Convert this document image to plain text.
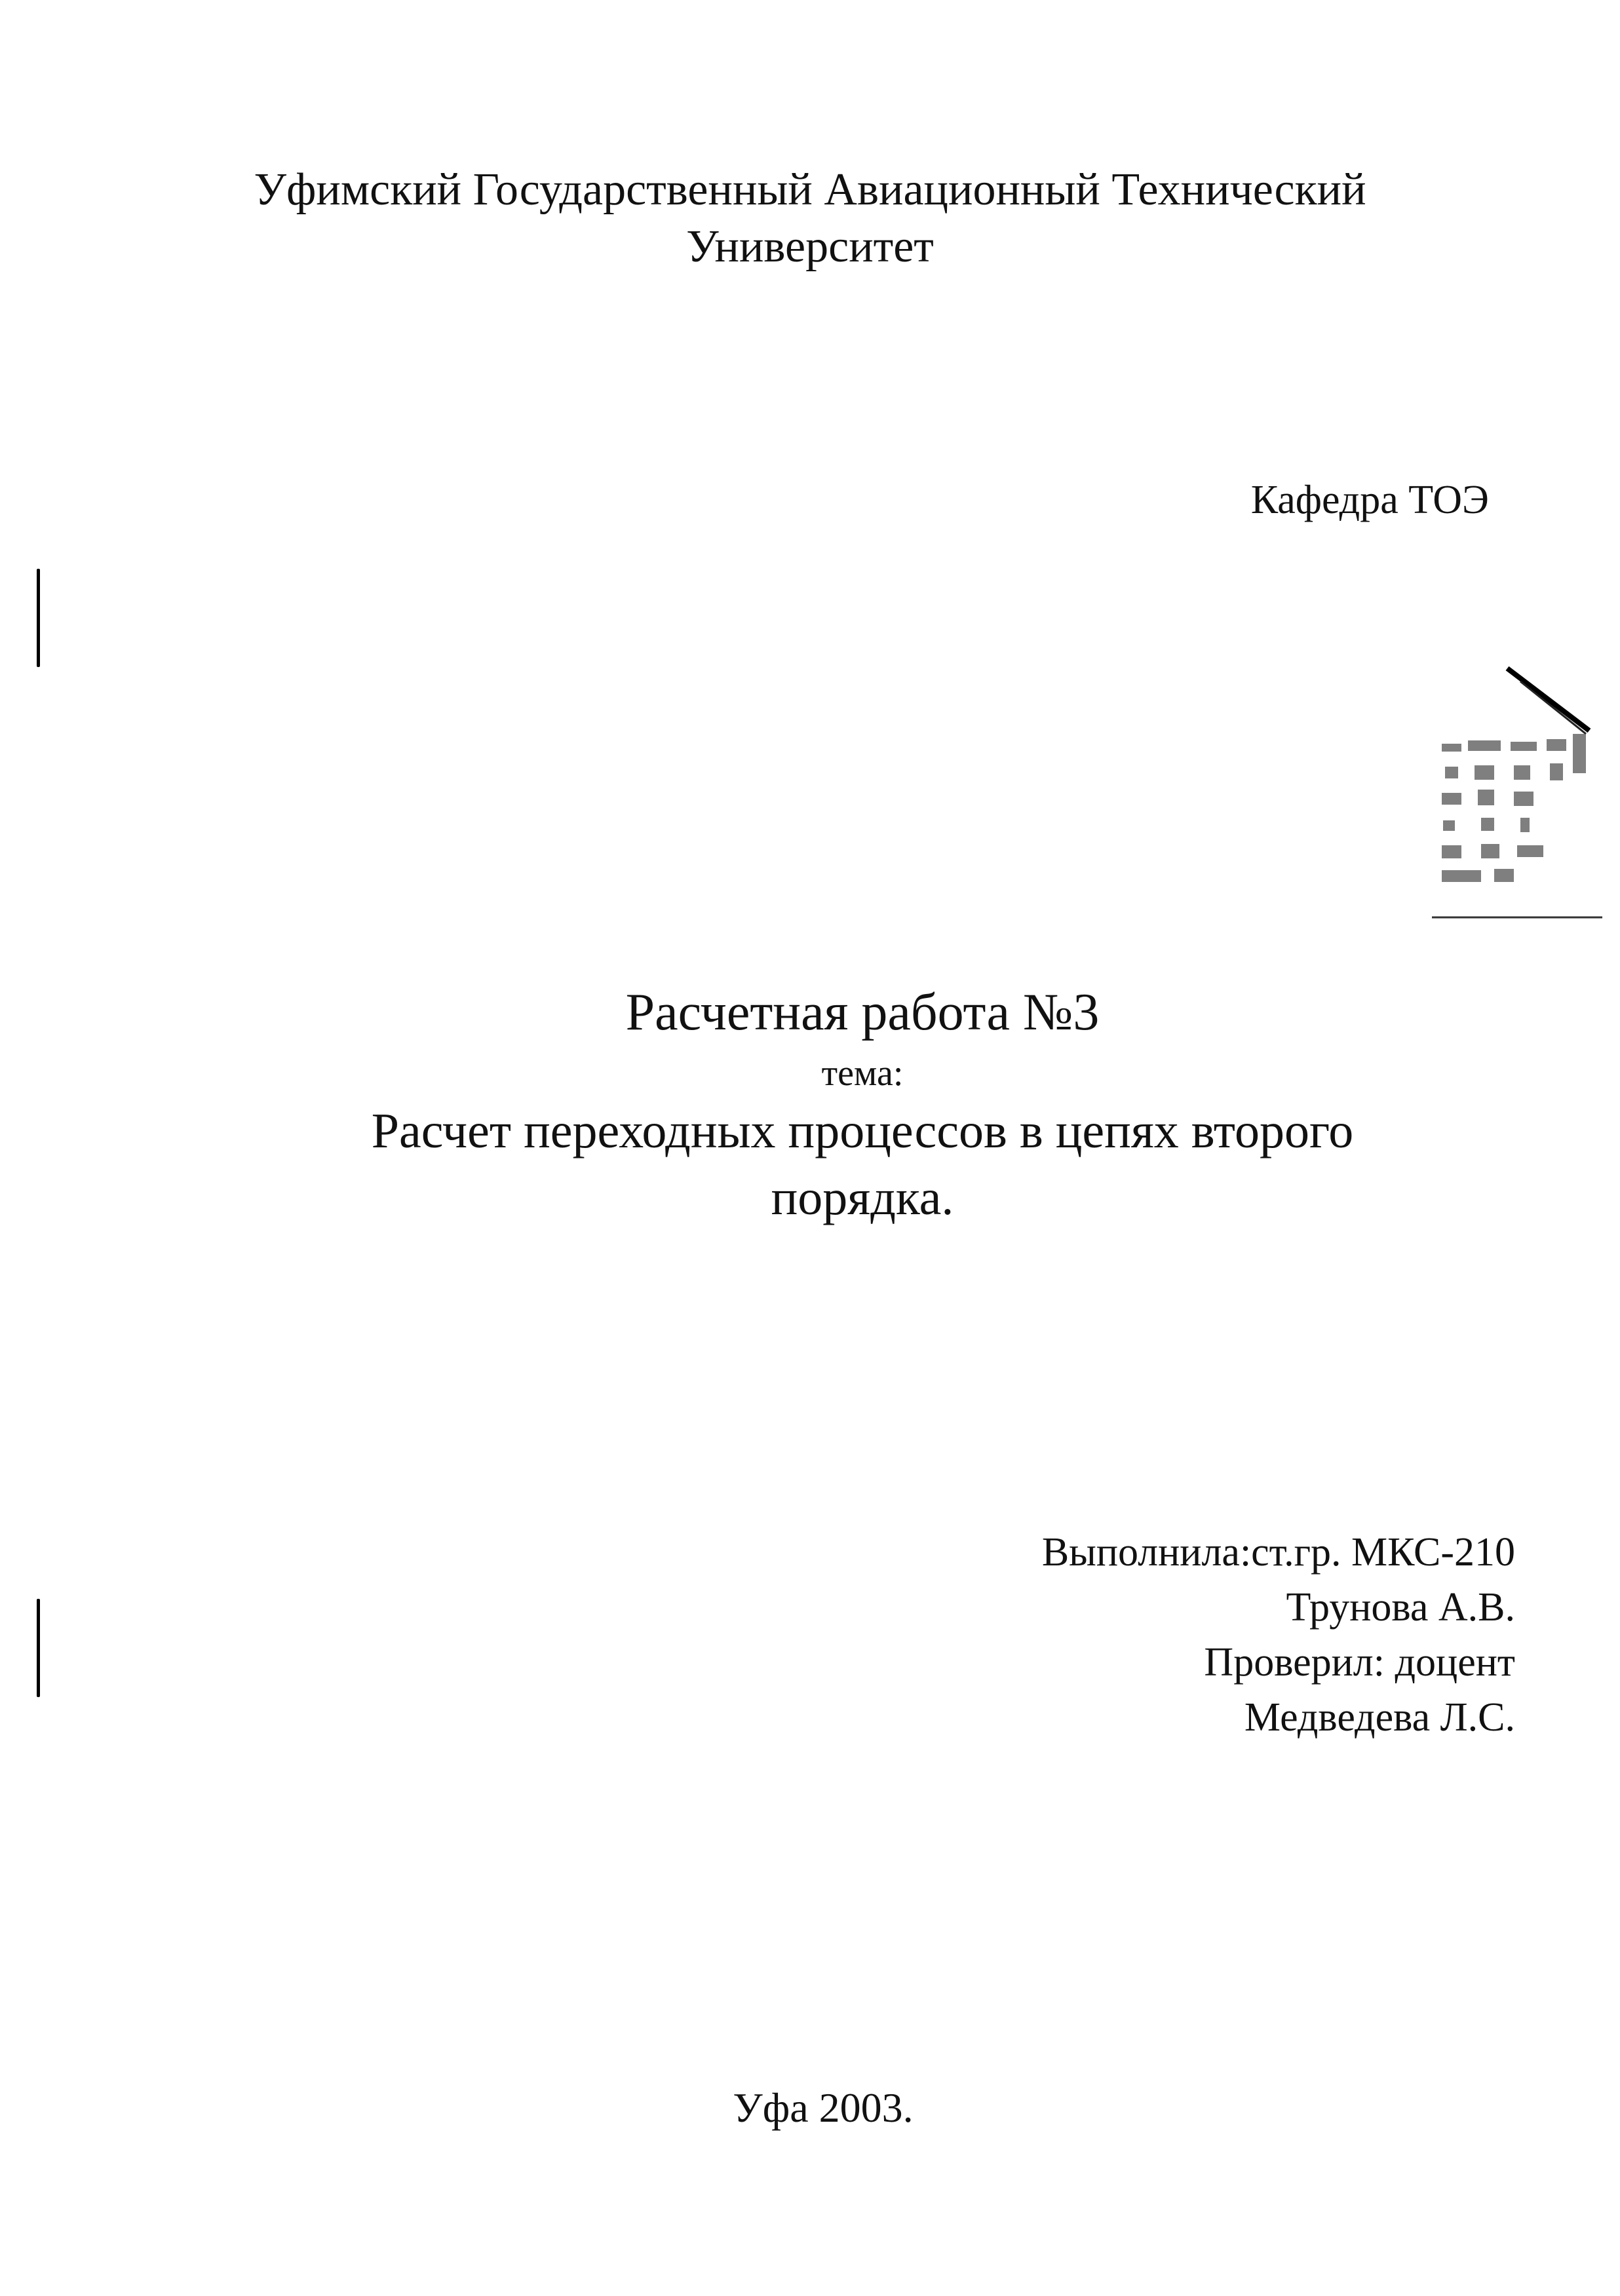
Уфимский Государственный Авиационный Технический
Университет
Кафедра ТОЭ
Расчетная работа №3
тема:
Расчет переходных процессов в цепях второго
порядка.
Выполнила:ст.гр. МКС-210
Трунова А.В.
Проверил: доцент
Медведева Л.С.
Уфа 2003.
